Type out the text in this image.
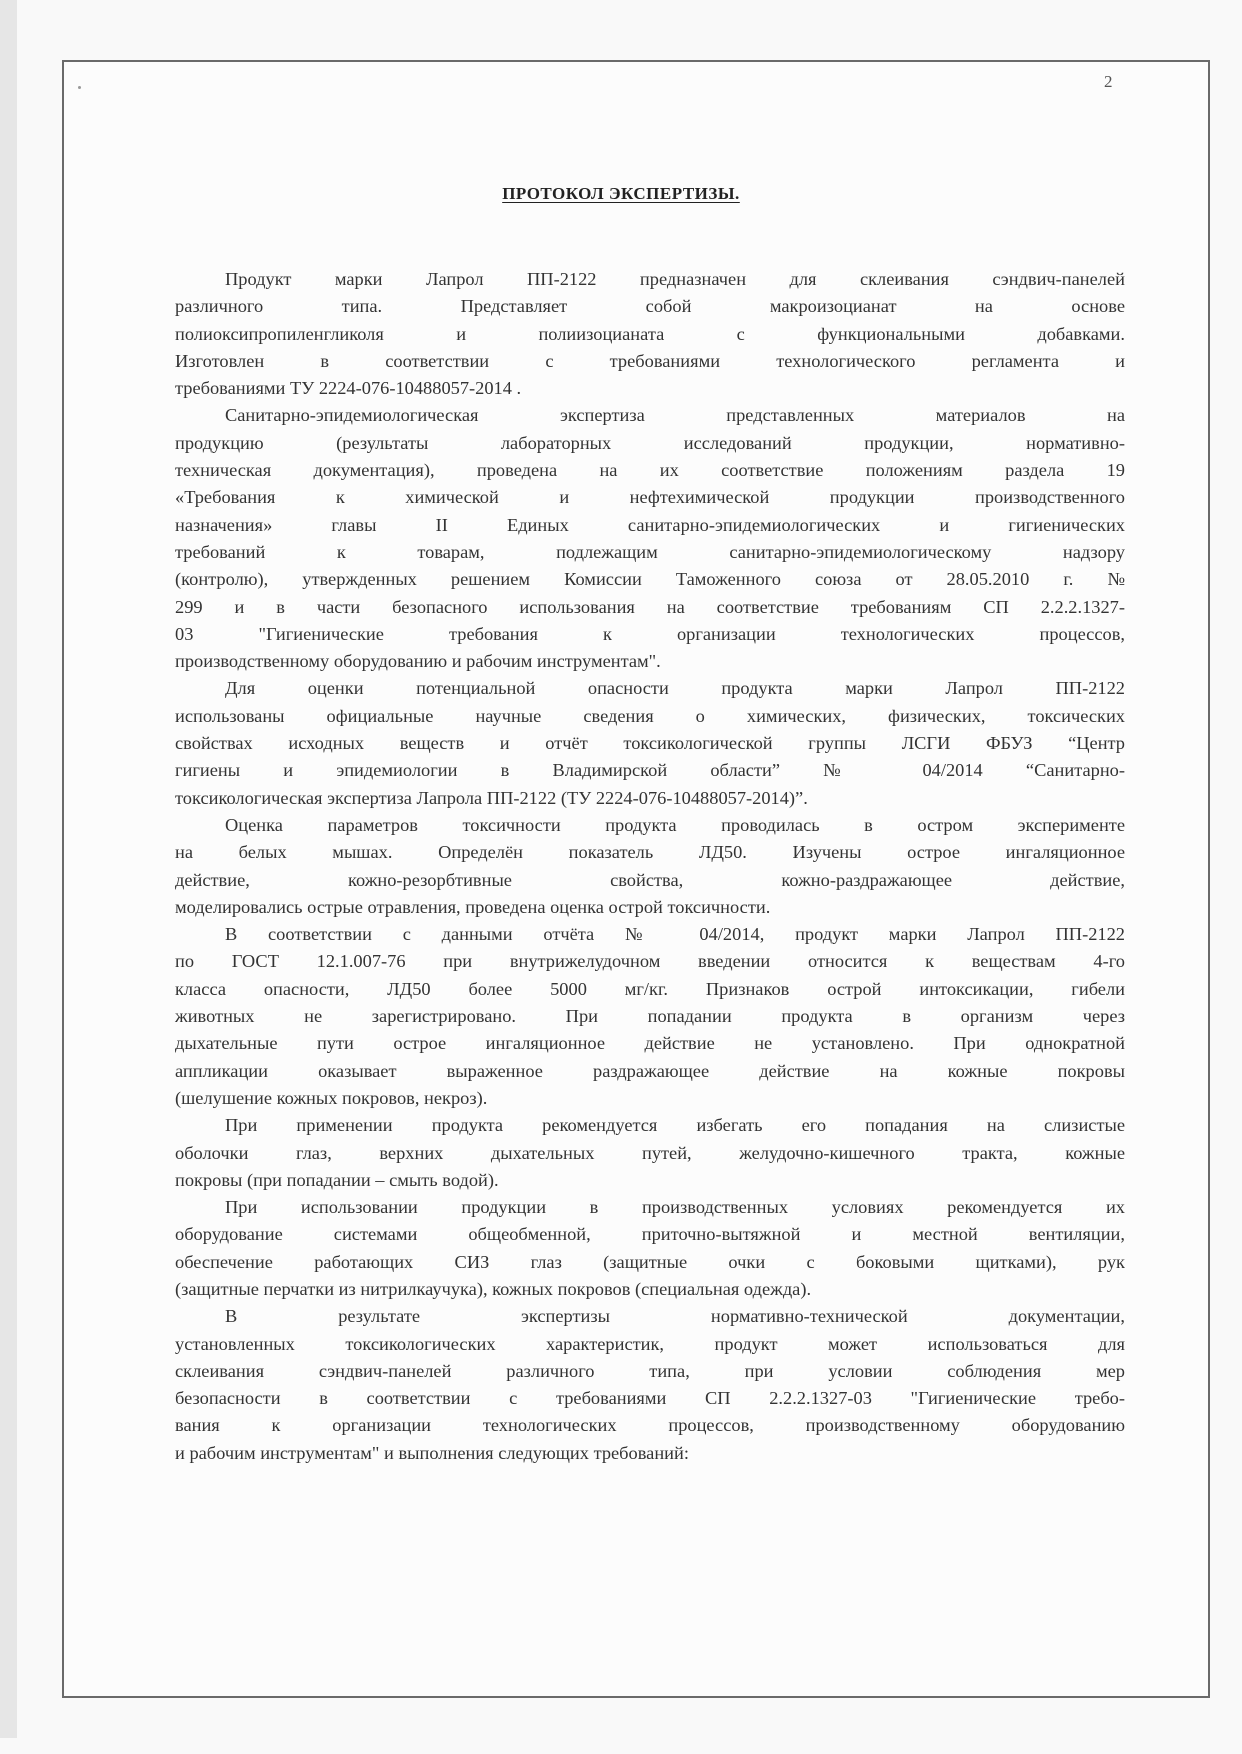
2
ПРОТОКОЛ ЭКСПЕРТИЗЫ.
Продукт марки Лапрол ПП-2122 предназначен для склеивания сэндвич-панелей
различного типа. Представляет собой макроизоцианат на основе
полиоксипропиленгликоля и полиизоцианата с функциональными добавками.
Изготовлен в соответствии с требованиями технологического регламента и
требованиями ТУ 2224-076-10488057-2014 .
Санитарно-эпидемиологическая экспертиза представленных материалов на
продукцию (результаты лабораторных исследований продукции, нормативно-
техническая документация), проведена на их соответствие положениям раздела 19
«Требования к химической и нефтехимической продукции производственного
назначения» главы II Единых санитарно-эпидемиологических и гигиенических
требований к товарам, подлежащим санитарно-эпидемиологическому надзору
(контролю), утвержденных решением Комиссии Таможенного союза от 28.05.2010 г. №
299 и в части безопасного использования на соответствие требованиям СП 2.2.2.1327-
03 "Гигиенические требования к организации технологических процессов,
производственному оборудованию и рабочим инструментам".
Для оценки потенциальной опасности продукта марки Лапрол ПП-2122
использованы официальные научные сведения о химических, физических, токсических
свойствах исходных веществ и отчёт токсикологической группы ЛСГИ ФБУЗ “Центр
гигиены и эпидемиологии в Владимирской области” № 04/2014 “Санитарно-
токсикологическая экспертиза Лапрола ПП-2122 (ТУ 2224-076-10488057-2014)”.
Оценка параметров токсичности продукта проводилась в остром эксперименте
на белых мышах. Определён показатель ЛД50. Изучены острое ингаляционное
действие, кожно-резорбтивные свойства, кожно-раздражающее действие,
моделировались острые отравления, проведена оценка острой токсичности.
В соответствии с данными отчёта № 04/2014, продукт марки Лапрол ПП-2122
по ГОСТ 12.1.007-76 при внутрижелудочном введении относится к веществам 4-го
класса опасности, ЛД50 более 5000 мг/кг. Признаков острой интоксикации, гибели
животных не зарегистрировано. При попадании продукта в организм через
дыхательные пути острое ингаляционное действие не установлено. При однократной
аппликации оказывает выраженное раздражающее действие на кожные покровы
(шелушение кожных покровов, некроз).
При применении продукта рекомендуется избегать его попадания на слизистые
оболочки глаз, верхних дыхательных путей, желудочно-кишечного тракта, кожные
покровы (при попадании – смыть водой).
При использовании продукции в производственных условиях рекомендуется их
оборудование системами общеобменной, приточно-вытяжной и местной вентиляции,
обеспечение работающих СИЗ глаз (защитные очки с боковыми щитками), рук
(защитные перчатки из нитрилкаучука), кожных покровов (специальная одежда).
В результате экспертизы нормативно-технической документации,
установленных токсикологических характеристик, продукт может использоваться для
склеивания сэндвич-панелей различного типа, при условии соблюдения мер
безопасности в соответствии с требованиями СП 2.2.2.1327-03 "Гигиенические требо-
вания к организации технологических процессов, производственному оборудованию
и рабочим инструментам" и выполнения следующих требований:
